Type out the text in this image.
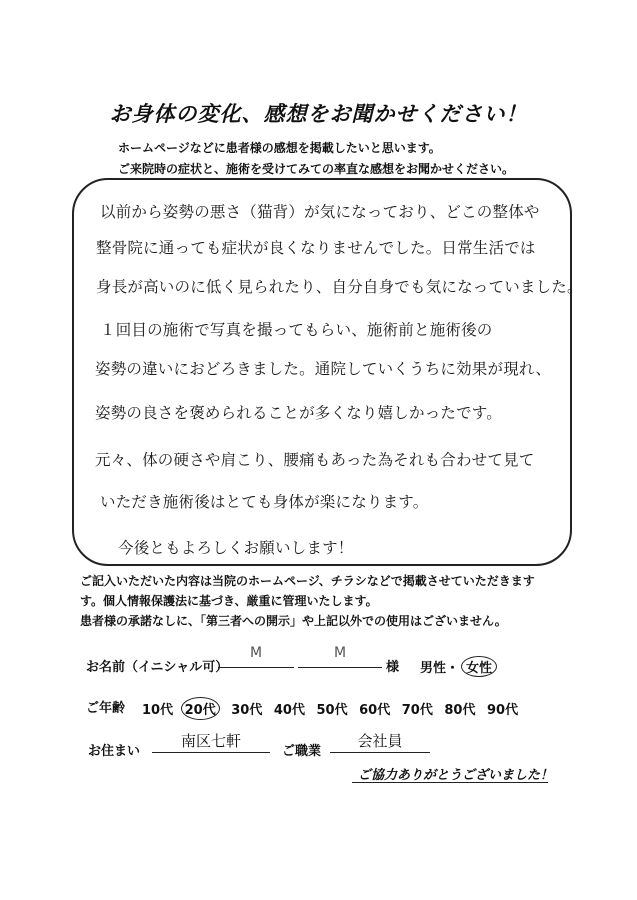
お身体の変化、感想をお聞かせください！
ホームページなどに患者様の感想を掲載したいと思います。
ご来院時の症状と、施術を受けてみての率直な感想をお聞かせください。
以前から姿勢の悪さ（猫背）が気になっており、どこの整体や
整骨院に通っても症状が良くなりませんでした。日常生活では
身長が高いのに低く見られたり、自分自身でも気になっていました。
１回目の施術で写真を撮ってもらい、施術前と施術後の
姿勢の違いにおどろきました。通院していくうちに効果が現れ、
姿勢の良さを褒められることが多くなり嬉しかったです。
元々、体の硬さや肩こり、腰痛もあった為それも合わせて見て
いただき施術後はとても身体が楽になります。
今後ともよろしくお願いします！
ご記入いただいた内容は当院のホームページ、チラシなどで掲載させていただきます
す。個人情報保護法に基づき、厳重に管理いたします。
患者様の承諾なしに、「第三者への開示」や上記以外での使用はございません。
お名前（イニシャル可）
M	M
様 男性・ 女性
ご年齢 10代 20代 30代 40代 50代 60代 70代 80代 90代
お住まい
南区七軒
ご職業
会社員
ご協力ありがとうございました！
